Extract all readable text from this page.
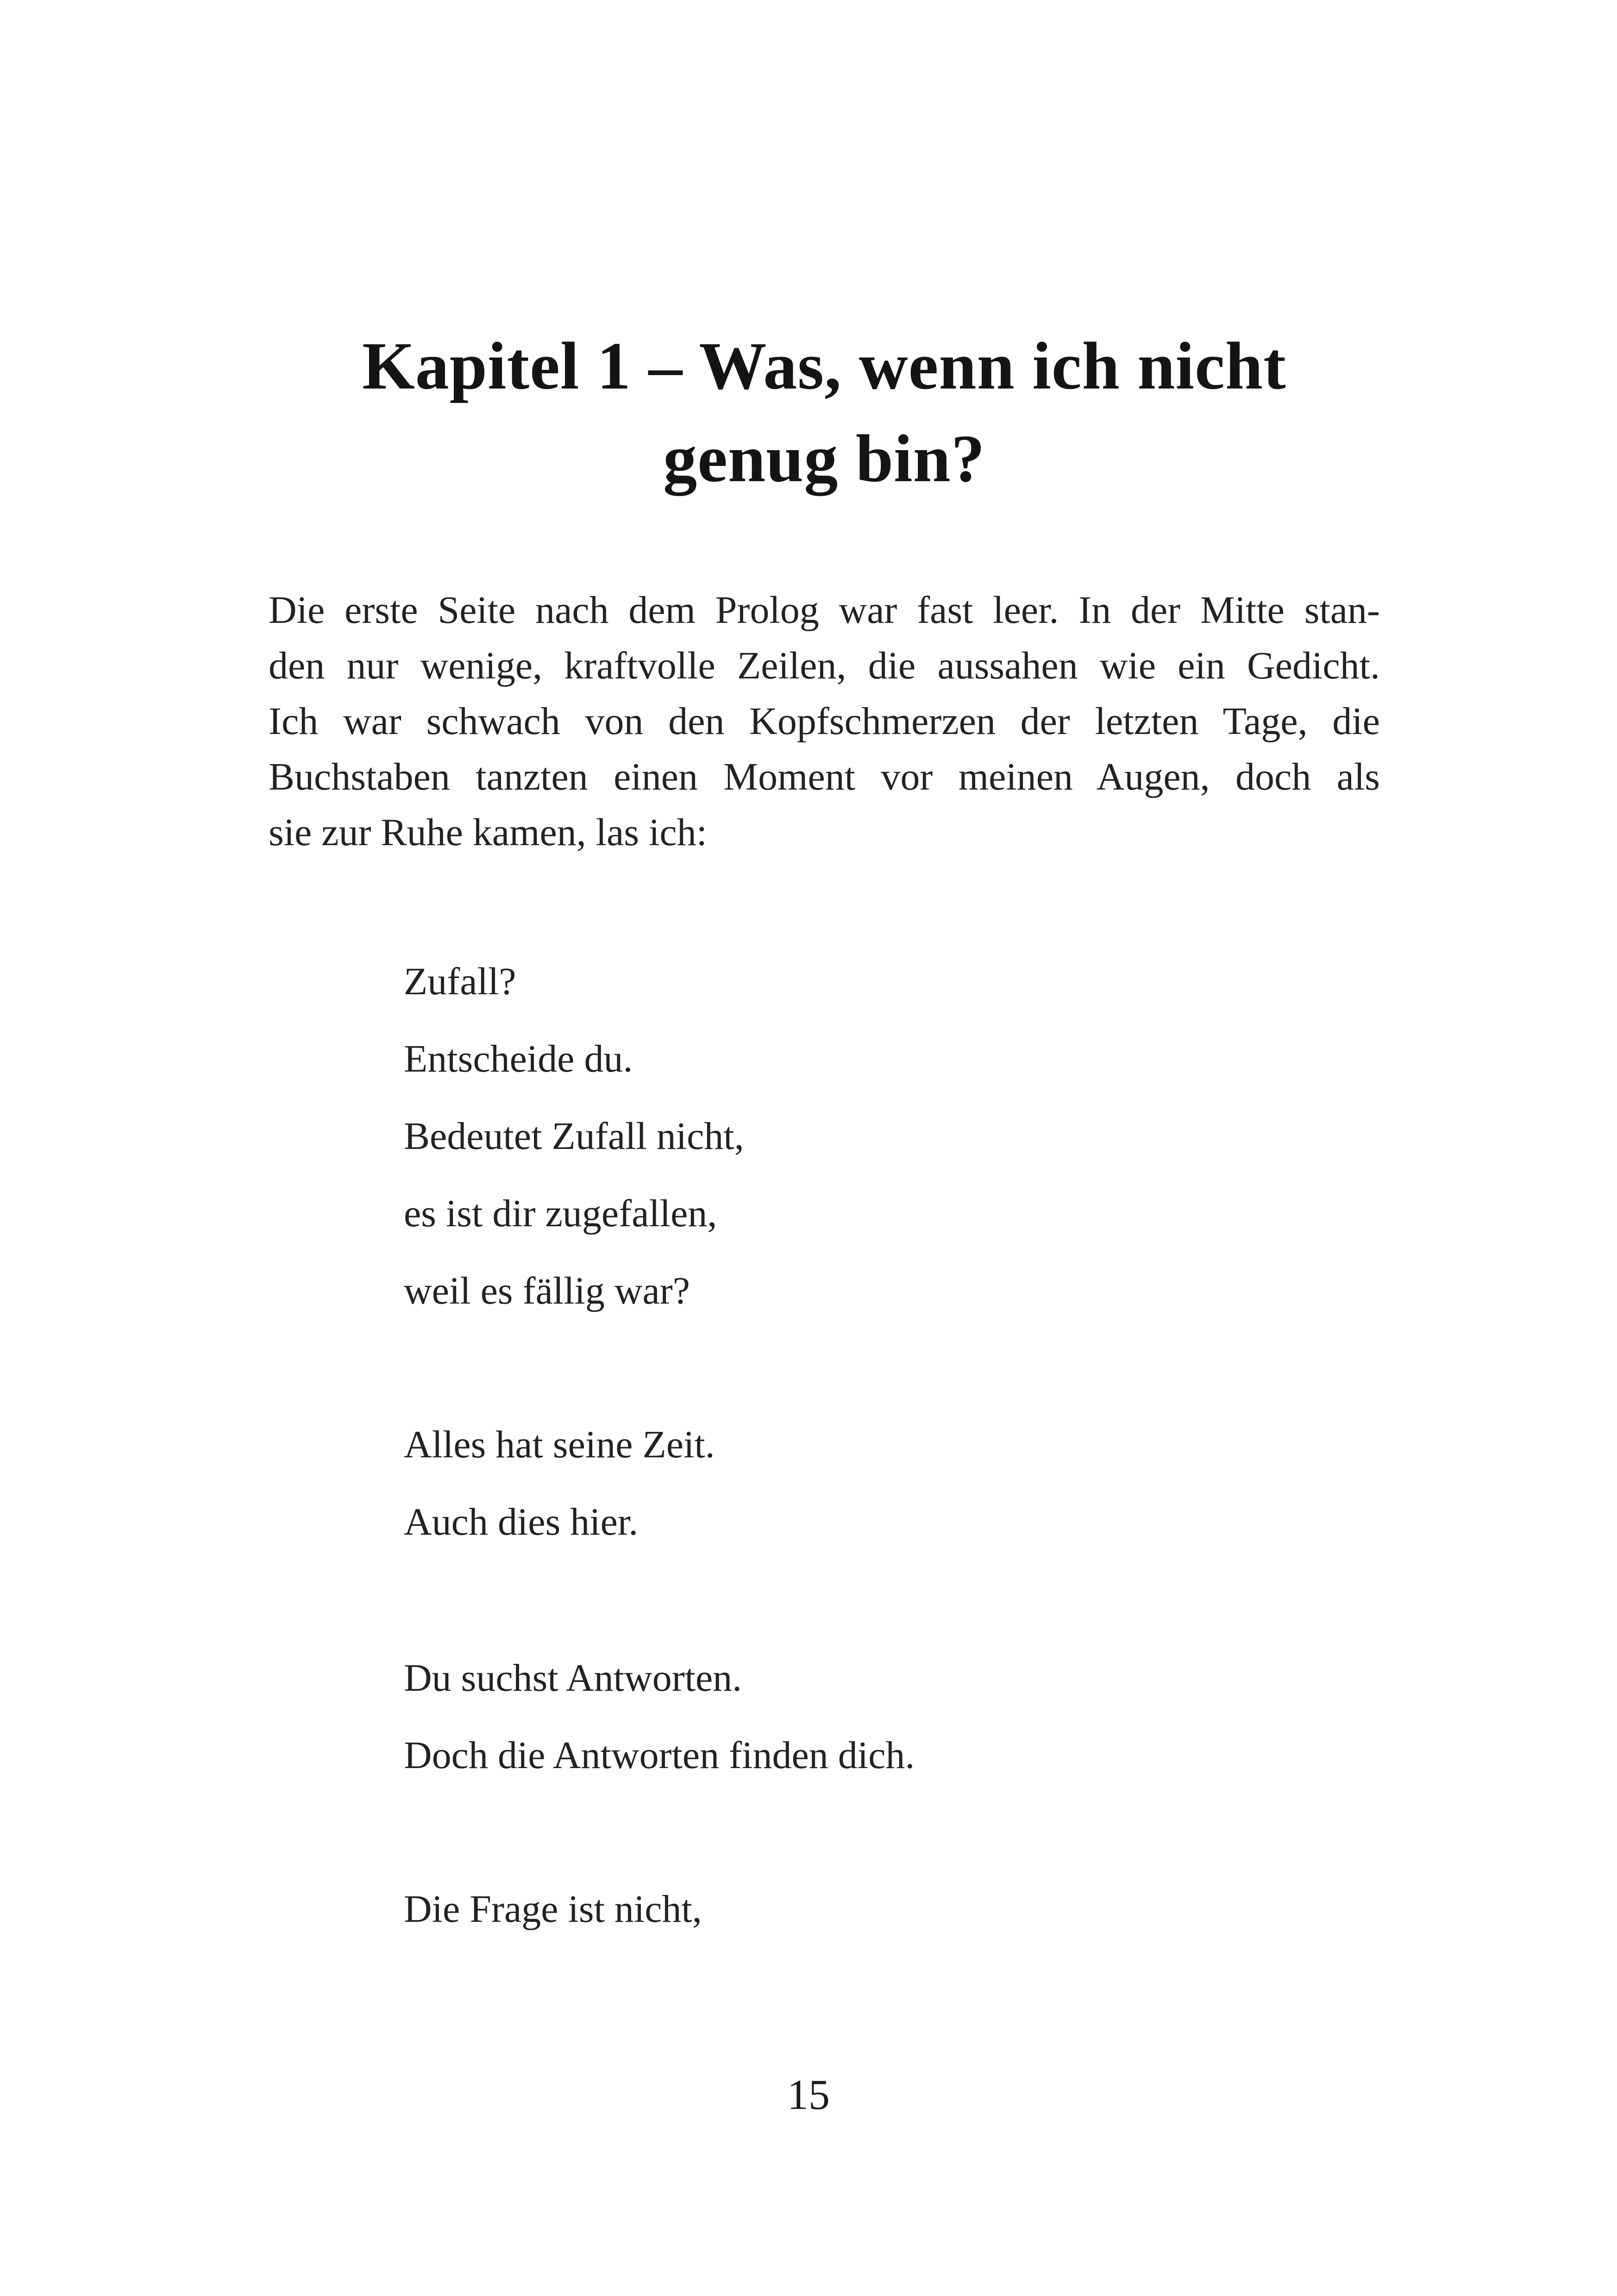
Kapitel 1 – Was, wenn ich nicht
genug bin?

Die erste Seite nach dem Prolog war fast leer. In der Mitte stan-
den nur wenige, kraftvolle Zeilen, die aussahen wie ein Gedicht.
Ich war schwach von den Kopfschmerzen der letzten Tage, die
Buchstaben tanzten einen Moment vor meinen Augen, doch als
sie zur Ruhe kamen, las ich:

Zufall?
Entscheide du.
Bedeutet Zufall nicht,
es ist dir zugefallen,
weil es fällig war?
Alles hat seine Zeit.
Auch dies hier.
Du suchst Antworten.
Doch die Antworten finden dich.
Die Frage ist nicht,
15
